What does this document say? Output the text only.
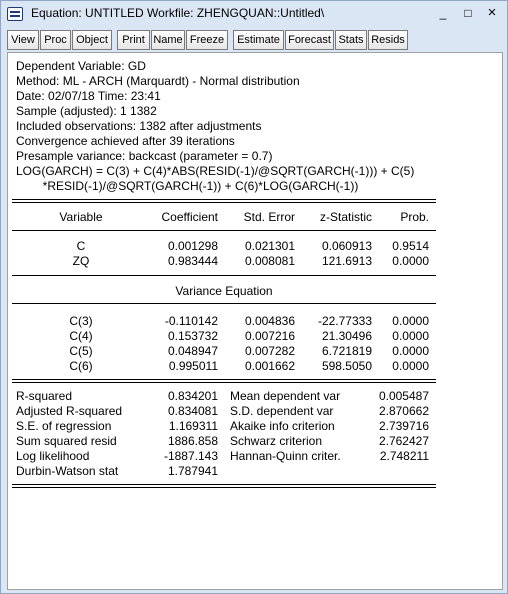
Equation: UNTITLED Workfile: ZHENGQUAN::Untitled\	_	□	×
View Proc Object	Print Name Freeze	Estimate Forecast Stats Resids
Dependent Variable: GD
Method: ML - ARCH (Marquardt) - Normal distribution
Date: 02/07/18 Time: 23:41
Sample (adjusted): 1 1382
Included observations: 1382 after adjustments
Convergence achieved after 39 iterations
Presample variance: backcast (parameter = 0.7)
LOG(GARCH) = C(3) + C(4)*ABS(RESID(-1)/@SQRT(GARCH(-1))) + C(5)
*RESID(-1)/@SQRT(GARCH(-1)) + C(6)*LOG(GARCH(-1))
Variable	Coefficient	Std. Error	z-Statistic	Prob.
C	0.001298	0.021301	0.060913	0.9514
ZQ	0.983444	0.008081	121.6913	0.0000
Variance Equation
C(3)	-0.110142	0.004836	-22.77333	0.0000
C(4)	0.153732	0.007216	21.30496	0.0000
C(5)	0.048947	0.007282	6.721819	0.0000
C(6)	0.995011	0.001662	598.5050	0.0000
R-squared	0.834201 Mean dependent var	0.005487
Adjusted R-squared	0.834081 S.D. dependent var	2.870662
S.E. of regression	1.169311 Akaike info criterion	2.739716
Sum squared resid	1886.858 Schwarz criterion	2.762427
Log likelihood	-1887.143 Hannan-Quinn criter.	2.748211
Durbin-Watson stat	1.787941
